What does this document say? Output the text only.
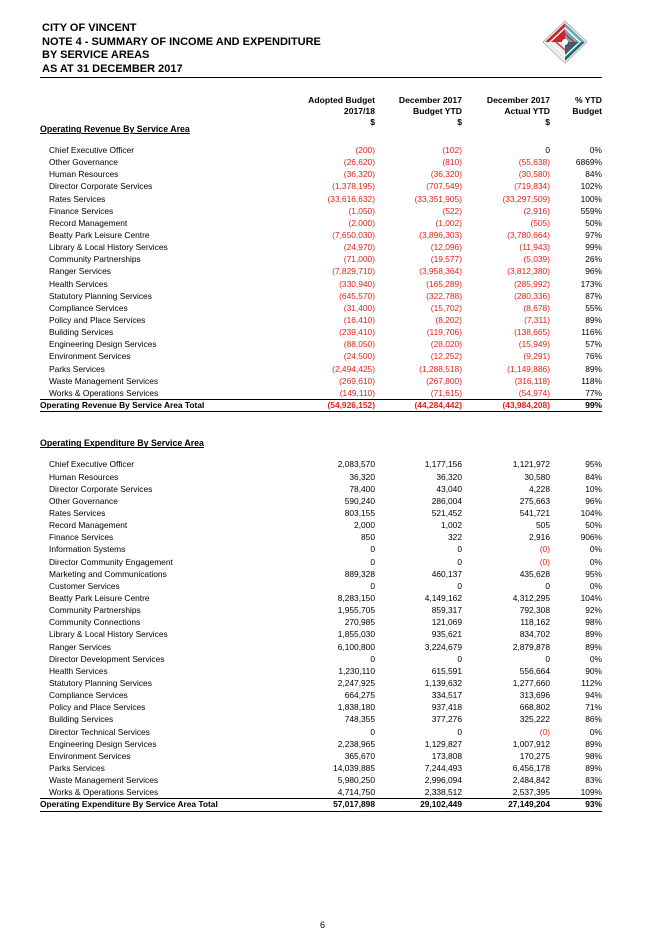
CITY OF VINCENT
NOTE 4 - SUMMARY OF INCOME AND EXPENDITURE
BY SERVICE AREAS
AS AT 31 DECEMBER 2017
Adopted Budget
2017/18
$
December 2017
Budget YTD
$
December 2017
Actual YTD
$
% YTD
Budget
Operating Revenue By Service Area
Chief Executive Officer	(200)	(102)	0	0%
Other Governance	(26,620)	(810)	(55,638)	6869%
Human Resources	(36,320)	(36,320)	(30,580)	84%
Director Corporate Services	(1,378,195)	(707,549)	(719,834)	102%
Rates Services	(33,616,632)	(33,351,905)	(33,297,509)	100%
Finance Services	(1,050)	(522)	(2,916)	559%
Record Management	(2,000)	(1,002)	(505)	50%
Beatty Park Leisure Centre	(7,650,030)	(3,896,303)	(3,780,664)	97%
Library & Local History Services	(24,970)	(12,096)	(11,943)	99%
Community Partnerships	(71,000)	(19,577)	(5,039)	26%
Ranger Services	(7,829,710)	(3,958,364)	(3,812,380)	96%
Health Services	(330,940)	(165,289)	(285,992)	173%
Statutory Planning Services	(645,570)	(322,788)	(280,336)	87%
Compliance Services	(31,400)	(15,702)	(8,678)	55%
Policy and Place Services	(16,410)	(8,202)	(7,311)	89%
Building Services	(239,410)	(119,706)	(138,665)	116%
Engineering Design Services	(88,050)	(28,020)	(15,949)	57%
Environment Services	(24,500)	(12,252)	(9,291)	76%
Parks Services	(2,494,425)	(1,288,518)	(1,149,886)	89%
Waste Management Services	(269,610)	(267,800)	(316,118)	118%
Works & Operations Services	(149,110)	(71,615)	(54,974)	77%
Operating Revenue By Service Area Total	(54,926,152)	(44,284,442)	(43,984,208)	99%
Operating Expenditure By Service Area
Chief Executive Officer	2,083,570	1,177,156	1,121,972	95%
Human Resources	36,320	36,320	30,580	84%
Director Corporate Services	78,400	43,040	4,228	10%
Other Governance	590,240	286,004	275,663	96%
Rates Services	803,155	521,452	541,721	104%
Record Management	2,000	1,002	505	50%
Finance Services	850	322	2,916	906%
Information Systems	0	0	(0)	0%
Director Community Engagement	0	0	(0)	0%
Marketing and Communications	889,328	460,137	435,628	95%
Customer Services	0	0	0	0%
Beatty Park Leisure Centre	8,283,150	4,149,162	4,312,295	104%
Community Partnerships	1,955,705	859,317	792,308	92%
Community Connections	270,985	121,069	118,162	98%
Library & Local History Services	1,855,030	935,621	834,702	89%
Ranger Services	6,100,800	3,224,679	2,879,878	89%
Director Development Services	0	0	0	0%
Health Services	1,230,110	615,591	556,664	90%
Statutory Planning Services	2,247,925	1,139,632	1,277,660	112%
Compliance Services	664,275	334,517	313,696	94%
Policy and Place Services	1,838,180	937,418	668,802	71%
Building Services	748,355	377,276	325,222	86%
Director Technical Services	0	0	(0)	0%
Engineering Design Services	2,238,965	1,129,827	1,007,912	89%
Environment Services	365,670	173,808	170,275	98%
Parks Services	14,039,885	7,244,493	6,456,178	89%
Waste Management Services	5,980,250	2,996,094	2,484,842	83%
Works & Operations Services	4,714,750	2,338,512	2,537,395	109%
Operating Expenditure By Service Area Total	57,017,898	29,102,449	27,149,204	93%
6
